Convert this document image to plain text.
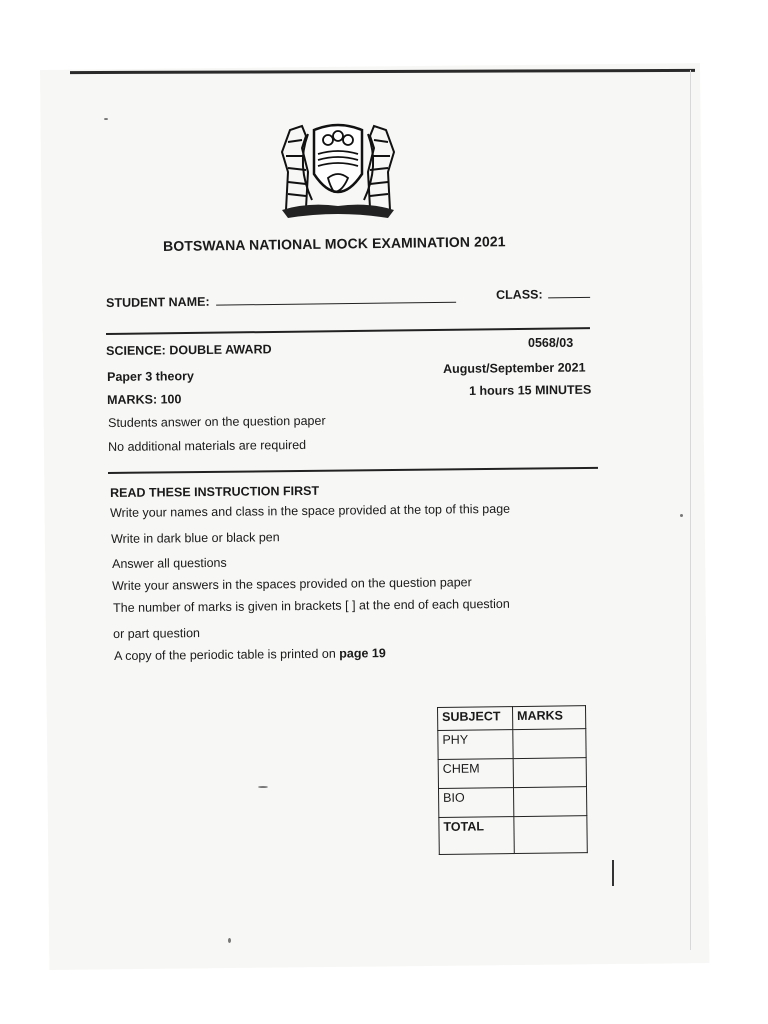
BOTSWANA NATIONAL MOCK EXAMINATION 2021
STUDENT NAME:
CLASS:
SCIENCE: DOUBLE AWARD	0568/03
Paper 3 theory
August/September 2021
MARKS: 100
1 hours 15 MINUTES
Students answer on the question paper
No additional materials are required
READ THESE INSTRUCTION FIRST
Write your names and class in the space provided at the top of this page
Write in dark blue or black pen
Answer all questions
Write your answers in the spaces provided on the question paper
The number of marks is given in brackets [ ] at the end of each question
or part question
A copy of the periodic table is printed on page 19
SUBJECT	MARKS
PHY	
CHEM	
BIO	
TOTAL	
